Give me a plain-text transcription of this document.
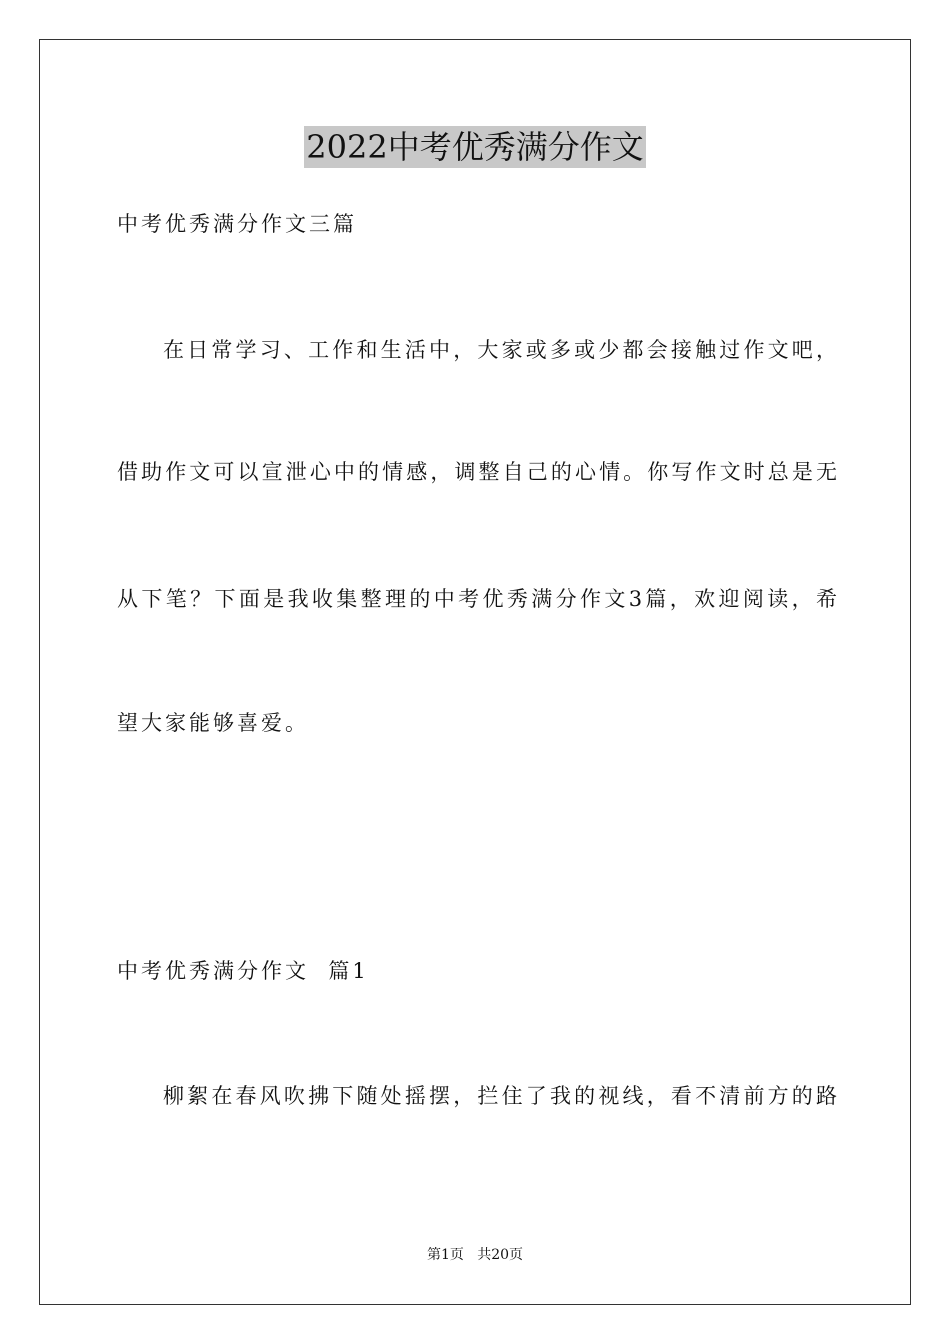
2022中考优秀满分作文
中考优秀满分作文三篇
在日常学习、工作和生活中，大家或多或少都会接触过作文吧，
借助作文可以宣泄心中的情感，调整自己的心情。你写作文时总是无
从下笔？下面是我收集整理的中考优秀满分作文3篇，欢迎阅读，希
望大家能够喜爱。
中考优秀满分作文  篇1
柳絮在春风吹拂下随处摇摆，拦住了我的视线，看不清前方的路
第1页   共20页
